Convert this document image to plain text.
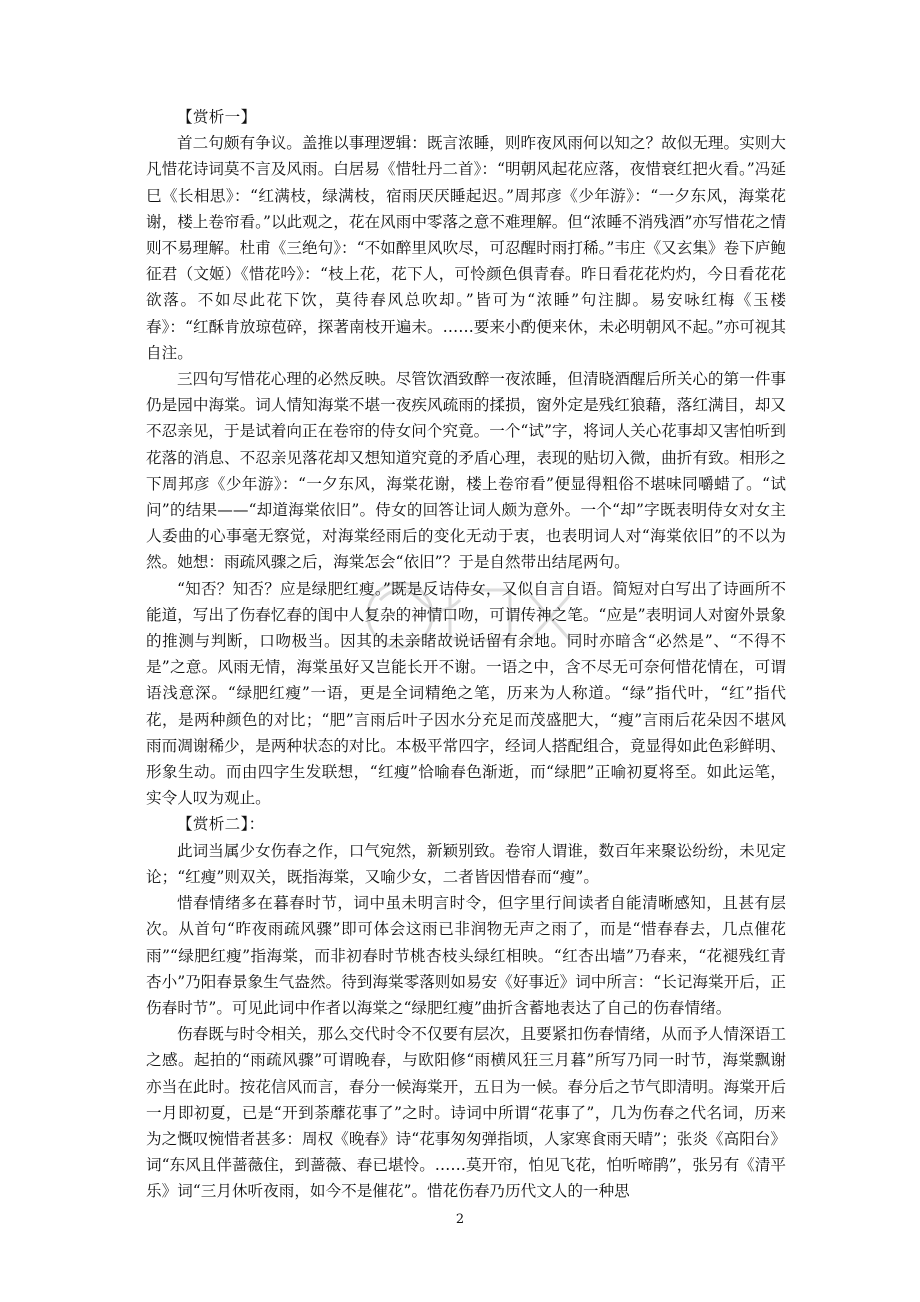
【赏析一】

首二句颇有争议。盖推以事理逻辑：既言浓睡，则昨夜风雨何以知之？故似无理。实则大凡惜花诗词莫不言及风雨。白居易《惜牡丹二首》：“明朝风起花应落，夜惜衰红把火看。”冯延巳《长相思》：“红满枝，绿满枝，宿雨厌厌睡起迟。”周邦彦《少年游》：“一夕东风，海棠花谢，楼上卷帘看。”以此观之，花在风雨中零落之意不难理解。但“浓睡不消残酒”亦写惜花之情则不易理解。杜甫《三绝句》：“不如醉里风吹尽，可忍醒时雨打稀。”韦庄《又玄集》卷下庐鲍征君（文姬）《惜花吟》：“枝上花，花下人，可怜颜色俱青春。昨日看花花灼灼，今日看花花欲落。不如尽此花下饮，莫待春风总吹却。”皆可为“浓睡”句注脚。易安咏红梅《玉楼春》：“红酥肯放琼苞碎，探著南枝开遍未。……要来小酌便来休，未必明朝风不起。”亦可视其自注。

三四句写惜花心理的必然反映。尽管饮酒致醉一夜浓睡，但清晓酒醒后所关心的第一件事仍是园中海棠。词人情知海棠不堪一夜疾风疏雨的揉损，窗外定是残红狼藉，落红满目，却又不忍亲见，于是试着向正在卷帘的侍女问个究竟。一个“试”字，将词人关心花事却又害怕听到花落的消息、不忍亲见落花却又想知道究竟的矛盾心理，表现的贴切入微，曲折有致。相形之下周邦彦《少年游》：“一夕东风，海棠花谢，楼上卷帘看”便显得粗俗不堪味同嚼蜡了。“试问”的结果——“却道海棠依旧”。侍女的回答让词人颇为意外。一个“却”字既表明侍女对女主人委曲的心事毫无察觉，对海棠经雨后的变化无动于衷，也表明词人对“海棠依旧”的不以为然。她想：雨疏风骤之后，海棠怎会“依旧”？于是自然带出结尾两句。

“知否？知否？应是绿肥红瘦。”既是反诘侍女，又似自言自语。简短对白写出了诗画所不能道，写出了伤春忆春的闺中人复杂的神情口吻，可谓传神之笔。“应是”表明词人对窗外景象的推测与判断，口吻极当。因其的未亲睹故说话留有余地。同时亦暗含“必然是”、“不得不是”之意。风雨无情，海棠虽好又岂能长开不谢。一语之中，含不尽无可奈何惜花情在，可谓语浅意深。“绿肥红瘦”一语，更是全词精绝之笔，历来为人称道。“绿”指代叶，“红”指代花，是两种颜色的对比；“肥”言雨后叶子因水分充足而茂盛肥大，“瘦”言雨后花朵因不堪风雨而凋谢稀少，是两种状态的对比。本极平常四字，经词人搭配组合，竟显得如此色彩鲜明、形象生动。而由四字生发联想，“红瘦”恰喻春色渐逝，而“绿肥”正喻初夏将至。如此运笔，实令人叹为观止。

【赏析二】：

此词当属少女伤春之作，口气宛然，新颖别致。卷帘人谓谁，数百年来聚讼纷纷，未见定论；“红瘦”则双关，既指海棠，又喻少女，二者皆因惜春而“瘦”。

惜春情绪多在暮春时节，词中虽未明言时令，但字里行间读者自能清晰感知，且甚有层次。从首句“昨夜雨疏风骤”即可体会这雨已非润物无声之雨了，而是“惜春春去，几点催花雨”“绿肥红瘦”指海棠，而非初春时节桃杏枝头绿红相映。“红杏出墙”乃春来，“花褪残红青杏小”乃阳春景象生气盎然。待到海棠零落则如易安《好事近》词中所言：“长记海棠开后，正伤春时节”。可见此词中作者以海棠之“绿肥红瘦”曲折含蓄地表达了自己的伤春情绪。

伤春既与时令相关，那么交代时令不仅要有层次，且要紧扣伤春情绪，从而予人情深语工之感。起拍的“雨疏风骤”可谓晚春，与欧阳修“雨横风狂三月暮”所写乃同一时节，海棠飘谢亦当在此时。按花信风而言，春分一候海棠开，五日为一候。春分后之节气即清明。海棠开后一月即初夏，已是“开到荼蘼花事了”之时。诗词中所谓“花事了”，几为伤春之代名词，历来为之慨叹惋惜者甚多：周权《晚春》诗“花事匆匆弹指顷，人家寒食雨天晴”；张炎《高阳台》词“东风且伴蔷薇住，到蔷薇、春已堪怜。……莫开帘，怕见飞花，怕听啼鹃”，张另有《清平乐》词“三月休听夜雨，如今不是催花”。惜花伤春乃历代文人的一种思

2
